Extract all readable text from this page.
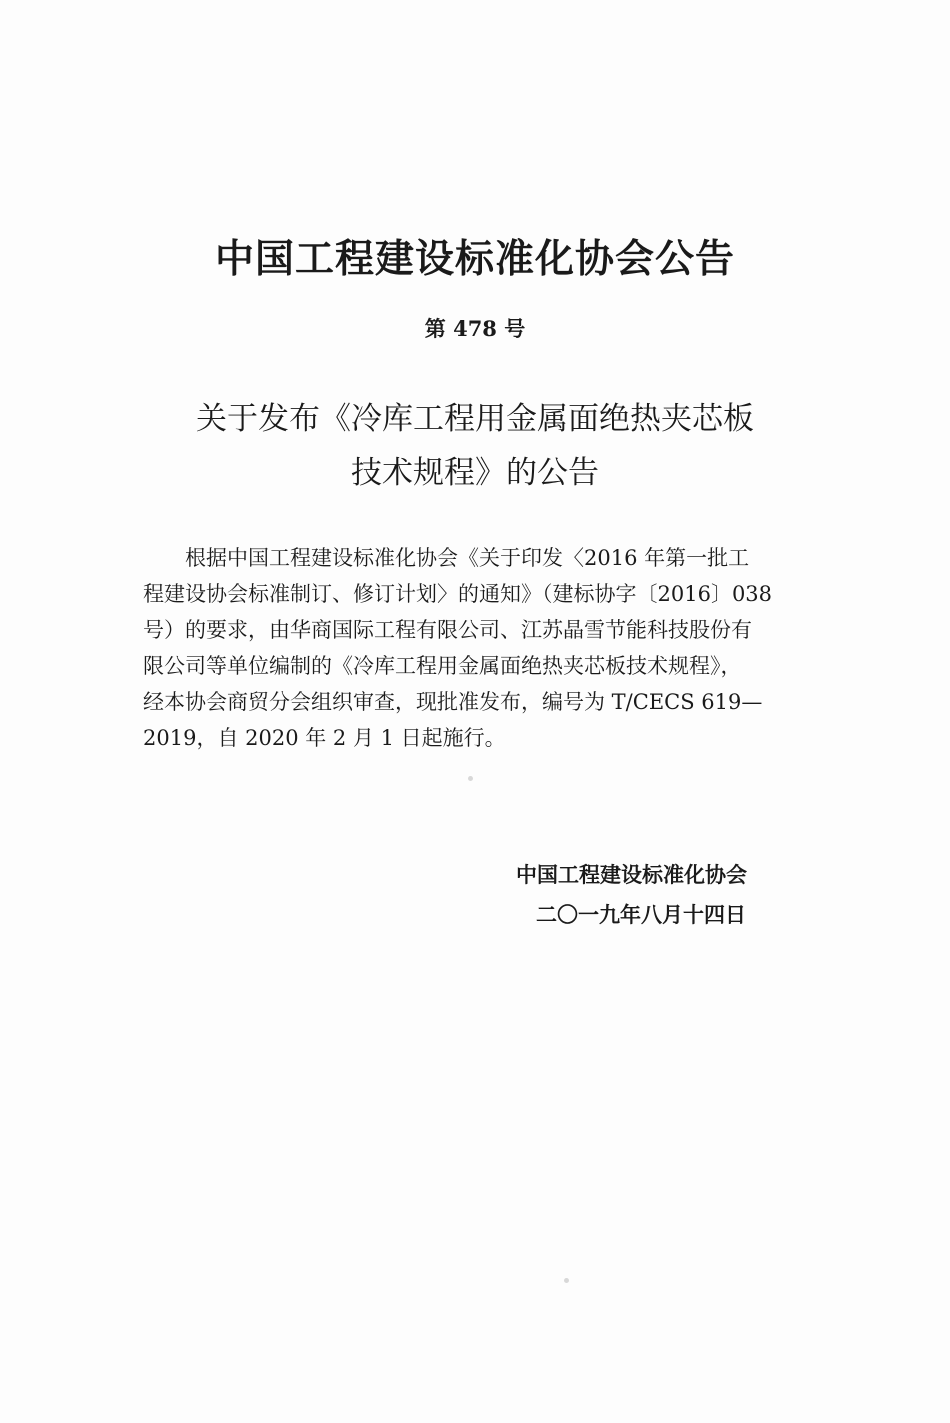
中国工程建设标准化协会公告
第 478 号
关于发布《冷库工程用金属面绝热夹芯板
技术规程》的公告
根据中国工程建设标准化协会《关于印发〈2016 年第一批工
程建设协会标准制订、修订计划〉的通知》（建标协字〔2016〕038
号）的要求，由华商国际工程有限公司、江苏晶雪节能科技股份有
限公司等单位编制的《冷库工程用金属面绝热夹芯板技术规程》，
经本协会商贸分会组织审查，现批准发布，编号为 T/CECS 619—
2019，自 2020 年 2 月 1 日起施行。
中国工程建设标准化协会
二〇一九年八月十四日
